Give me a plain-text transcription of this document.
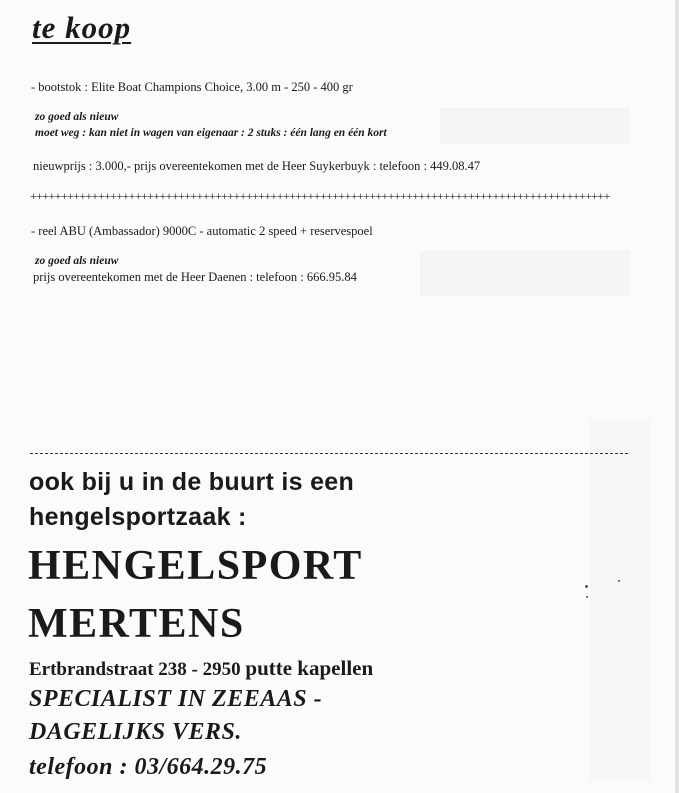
te koop
- bootstok : Elite Boat Champions Choice, 3.00 m - 250 - 400 gr
zo goed als nieuw
moet weg : kan niet in wagen van eigenaar : 2 stuks : één lang en één kort
nieuwprijs : 3.000,- prijs overeentekomen met de Heer Suykerbuyk : telefoon : 449.08.47
++++++++++++++++++++++++++++++++++++++++++++++++++++++++++++++++++++++++++++++++++++++++++++++
- reel ABU (Ambassador) 9000C - automatic 2 speed + reservespoel
zo goed als nieuw
prijs overeentekomen met de Heer Daenen : telefoon : 666.95.84
ook bij u in de buurt is een
hengelsportzaak :
HENGELSPORT
MERTENS
Ertbrandstraat 238 - 2950 putte kapellen
SPECIALIST IN ZEEAAS -
DAGELIJKS VERS.
telefoon : 03/664.29.75
